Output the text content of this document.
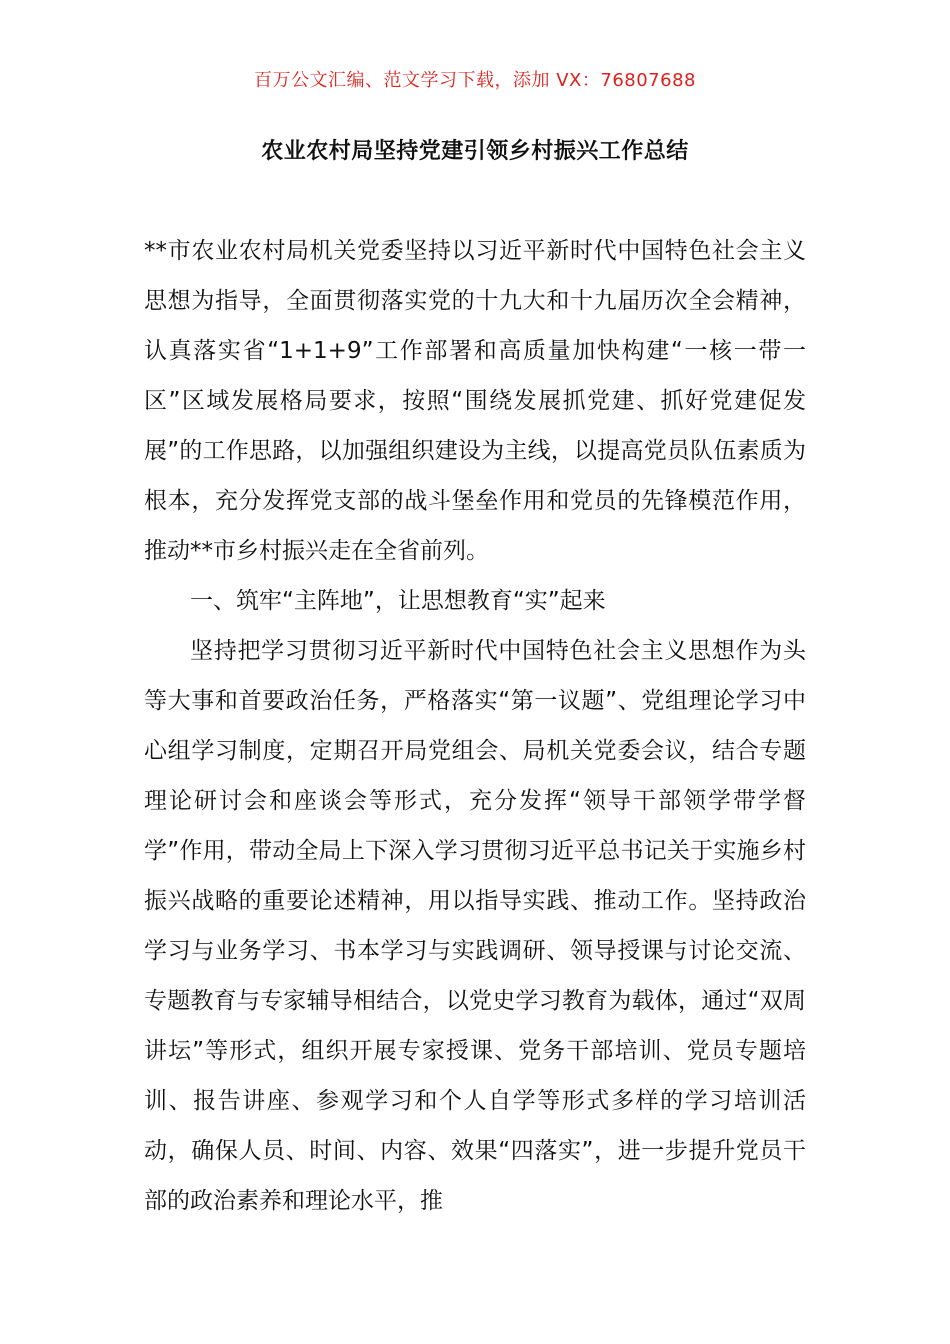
百万公文汇编、范文学习下载，添加 VX：76807688
农业农村局坚持党建引领乡村振兴工作总结

**市农业农村局机关党委坚持以习近平新时代中国特色社会主义思想为指导，全面贯彻落实党的十九大和十九届历次全会精神，认真落实省“1+1+9”工作部署和高质量加快构建“一核一带一区”区域发展格局要求，按照“围绕发展抓党建、抓好党建促发展”的工作思路，以加强组织建设为主线，以提高党员队伍素质为根本，充分发挥党支部的战斗堡垒作用和党员的先锋模范作用，推动**市乡村振兴走在全省前列。

一、筑牢“主阵地”，让思想教育“实”起来

坚持把学习贯彻习近平新时代中国特色社会主义思想作为头等大事和首要政治任务，严格落实“第一议题”、党组理论学习中心组学习制度，定期召开局党组会、局机关党委会议，结合专题理论研讨会和座谈会等形式，充分发挥“领导干部领学带学督学”作用，带动全局上下深入学习贯彻习近平总书记关于实施乡村振兴战略的重要论述精神，用以指导实践、推动工作。坚持政治学习与业务学习、书本学习与实践调研、领导授课与讨论交流、专题教育与专家辅导相结合，以党史学习教育为载体，通过“双周讲坛”等形式，组织开展专家授课、党务干部培训、党员专题培训、报告讲座、参观学习和个人自学等形式多样的学习培训活动，确保人员、时间、内容、效果“四落实”，进一步提升党员干部的政治素养和理论水平，推
